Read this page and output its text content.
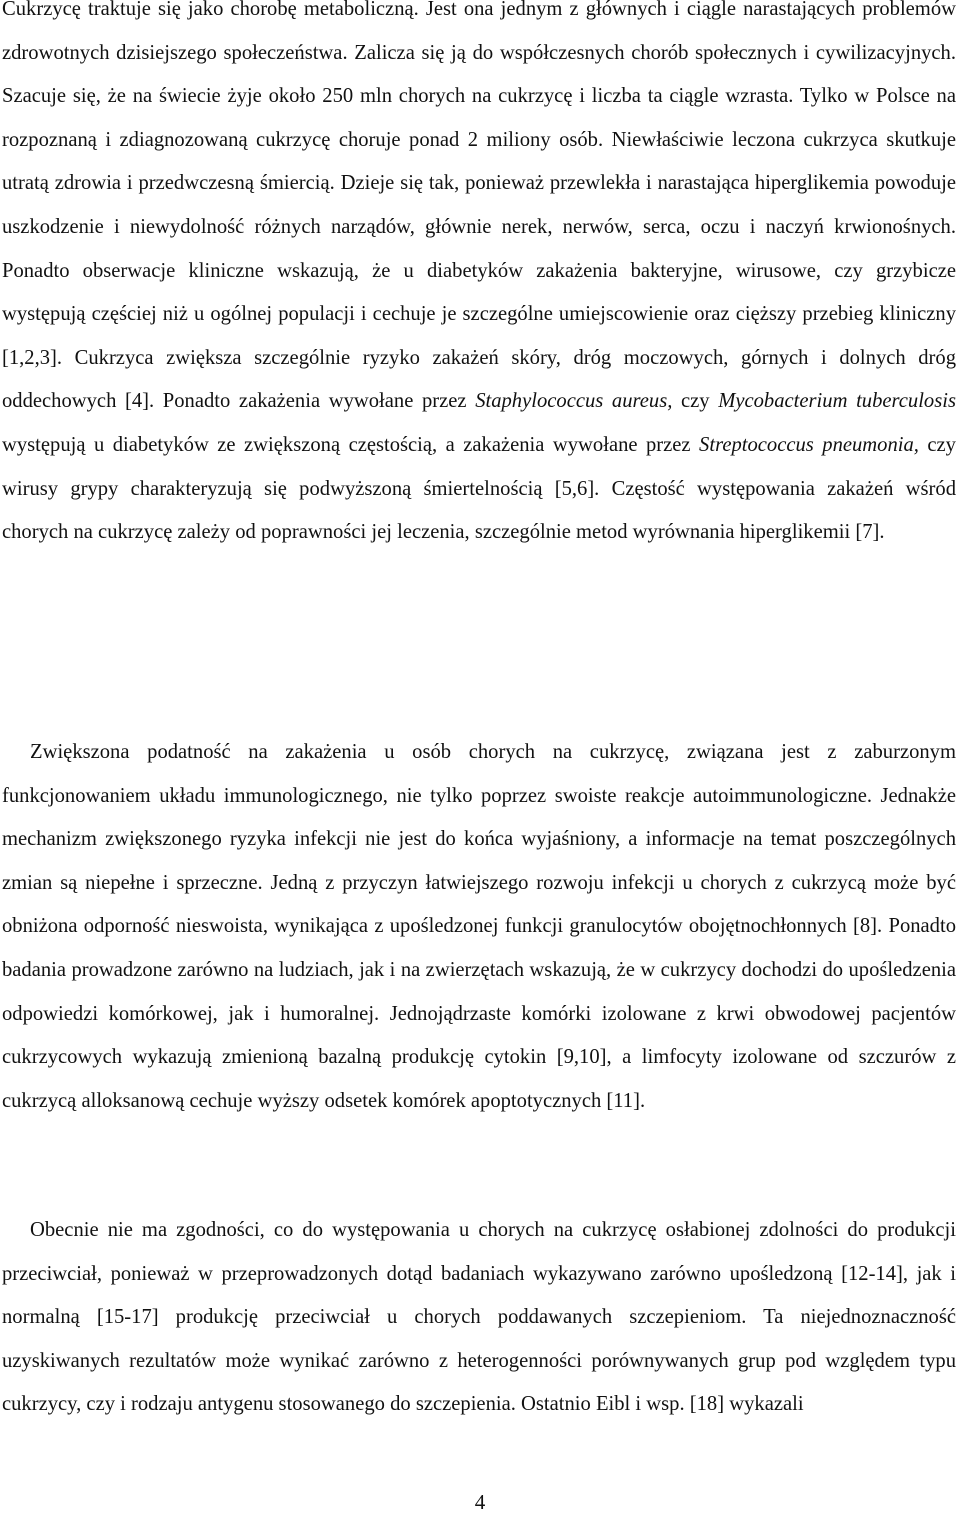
Cukrzycę traktuje się jako chorobę metaboliczną. Jest ona jednym z głównych i ciągle narastających problemów zdrowotnych dzisiejszego społeczeństwa. Zalicza się ją do współczesnych chorób społecznych i cywilizacyjnych. Szacuje się, że na świecie żyje około 250 mln chorych na cukrzycę i liczba ta ciągle wzrasta. Tylko w Polsce na rozpoznaną i zdiagnozowaną cukrzycę choruje ponad 2 miliony osób. Niewłaściwie leczona cukrzyca skutkuje utratą zdrowia i przedwczesną śmiercią. Dzieje się tak, ponieważ przewlekła i narastająca hiperglikemia powoduje uszkodzenie i niewydolność różnych narządów, głównie nerek, nerwów, serca, oczu i naczyń krwionośnych. Ponadto obserwacje kliniczne wskazują, że u diabetyków zakażenia bakteryjne, wirusowe, czy grzybicze występują częściej niż u ogólnej populacji i cechuje je szczególne umiejscowienie oraz cięższy przebieg kliniczny [1,2,3]. Cukrzyca zwiększa szczególnie ryzyko zakażeń skóry, dróg moczowych, górnych i dolnych dróg oddechowych [4]. Ponadto zakażenia wywołane przez Staphylococcus aureus, czy Mycobacterium tuberculosis występują u diabetyków ze zwiększoną częstością, a zakażenia wywołane przez Streptococcus pneumonia, czy wirusy grypy charakteryzują się podwyższoną śmiertelnością [5,6]. Częstość występowania zakażeń wśród chorych na cukrzycę zależy od poprawności jej leczenia, szczególnie metod wyrównania hiperglikemii [7].

Zwiększona podatność na zakażenia u osób chorych na cukrzycę, związana jest z zaburzonym funkcjonowaniem układu immunologicznego, nie tylko poprzez swoiste reakcje autoimmunologiczne. Jednakże mechanizm zwiększonego ryzyka infekcji nie jest do końca wyjaśniony, a informacje na temat poszczególnych zmian są niepełne i sprzeczne. Jedną z przyczyn łatwiejszego rozwoju infekcji u chorych z cukrzycą może być obniżona odporność nieswoista, wynikająca z upośledzonej funkcji granulocytów obojętnochłonnych [8]. Ponadto badania prowadzone zarówno na ludziach, jak i na zwierzętach wskazują, że w cukrzycy dochodzi do upośledzenia odpowiedzi komórkowej, jak i humoralnej. Jednojądrzaste komórki izolowane z krwi obwodowej pacjentów cukrzycowych wykazują zmienioną bazalną produkcję cytokin [9,10], a limfocyty izolowane od szczurów z cukrzycą alloksanową cechuje wyższy odsetek komórek apoptotycznych [11].

Obecnie nie ma zgodności, co do występowania u chorych na cukrzycę osłabionej zdolności do produkcji przeciwciał, ponieważ w przeprowadzonych dotąd badaniach wykazywano zarówno upośledzoną [12-14], jak i normalną [15-17] produkcję przeciwciał u chorych poddawanych szczepieniom. Ta niejednoznaczność uzyskiwanych rezultatów może wynikać zarówno z heterogenności porównywanych grup pod względem typu cukrzycy, czy i rodzaju antygenu stosowanego do szczepienia. Ostatnio Eibl i wsp. [18] wykazali

4
